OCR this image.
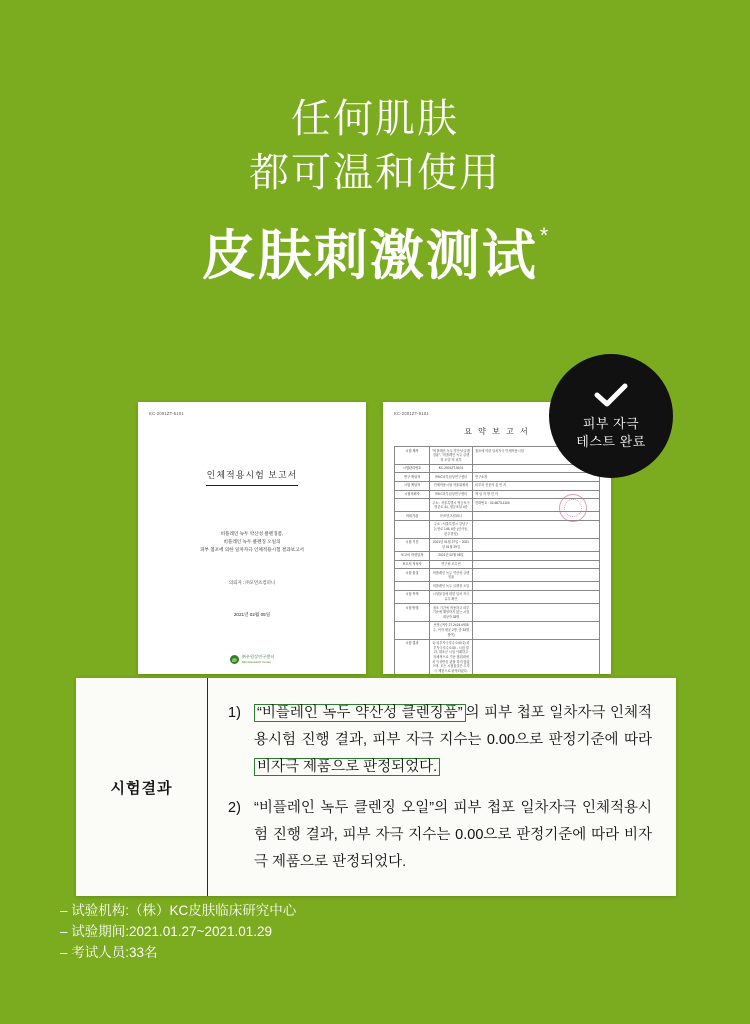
任何肌肤
都可温和使用
皮肤刺激测试*
KC-2001ZT-5101
인체적용시험 보고서
비플레인 녹두 약산성 클렌징폼,
비플레인 녹두 클렌징 오일의
피부 첩포에 의한 일차자극 인체적용시험 결과보고서
의뢰자 : ㈜모먼츠컴퍼니
2021년 02월 05일
㈜우원상연구센터
Skin Research Center
KC-2001ZT-5101
요 약 보 고 서
시험 제목	"비플레인 녹두 약산성 클렌징폼", "비플레인 녹두 클렌징 오일"의 피부	첩포에 의한 일차자극 인체적용시험
시험관리번호	KC-2001ZT-5101	
연구 책임자	㈜KC피부임상연구센터	연구소장
시험 책임자	인체적용시험 자율위원회	피부과 전문의 홍 민 지
시험의뢰자	㈜KC피부임상연구센터	책 임 자 방 민 아
	주소 : 서울특별시 영등포구 영중로 41, 영등포달 4층	전화번호 : 02-6673-1100
의뢰기관	㈜모먼츠컴퍼니	
	주소 : 서울특별시 강남구 논현로 145, 6층 (신사동, 한우빌딩)	
시험 기간	2021년 01월 27일 ~ 2021년 01월 29일	
보고서 작성일자	2021년 02월 05일	
보고서 작성자	연구원 조수빈	
시험 물질	비플레인 녹두 약산성 클렌징폼	
	비플레인 녹두 클렌징 오일	
시험 목적	시험물질에 대한 일차 자극 유무 확인	
시험 방법	첩포 기간에 적용하고 피부 기준에 해당하지 않는 시험대상자 33명	
	선정 (여자 27.2±24.4세/5주, 여자 평균 2명, 총 33명 참여)	
시험 결과	1) 피부자극지수 0.00 2) 피부자극지수 0.00 - 시험 결과, 대조군 시험 이래하고 자체적으로 기준 범위내에서 이상반응 관찰 하지 않았으며, 모든 시험물질은 무자극 제품으로 판정되었다.	
피부 자극
테스트 완료
시험결과
1)	“비플레인 녹두 약산성 클렌징품” 의 피부 첩포 일차자극 인체적용시험 진행 결과, 피부 자극 지수는 0.00으로 판정기준에 따라 비자극 제품으로 판정되었다.
2) “비플레인 녹두 클렌징 오일”의 피부 첩포 일차자극 인체적용시험 진행 결과, 피부 자극 지수는 0.00으로 판정기준에 따라 비자극 제품으로 판정되었다.
– 试验机构:（株）KC皮肤临床研究中心
– 试验期间:2021.01.27~2021.01.29
– 考试人员:33名
